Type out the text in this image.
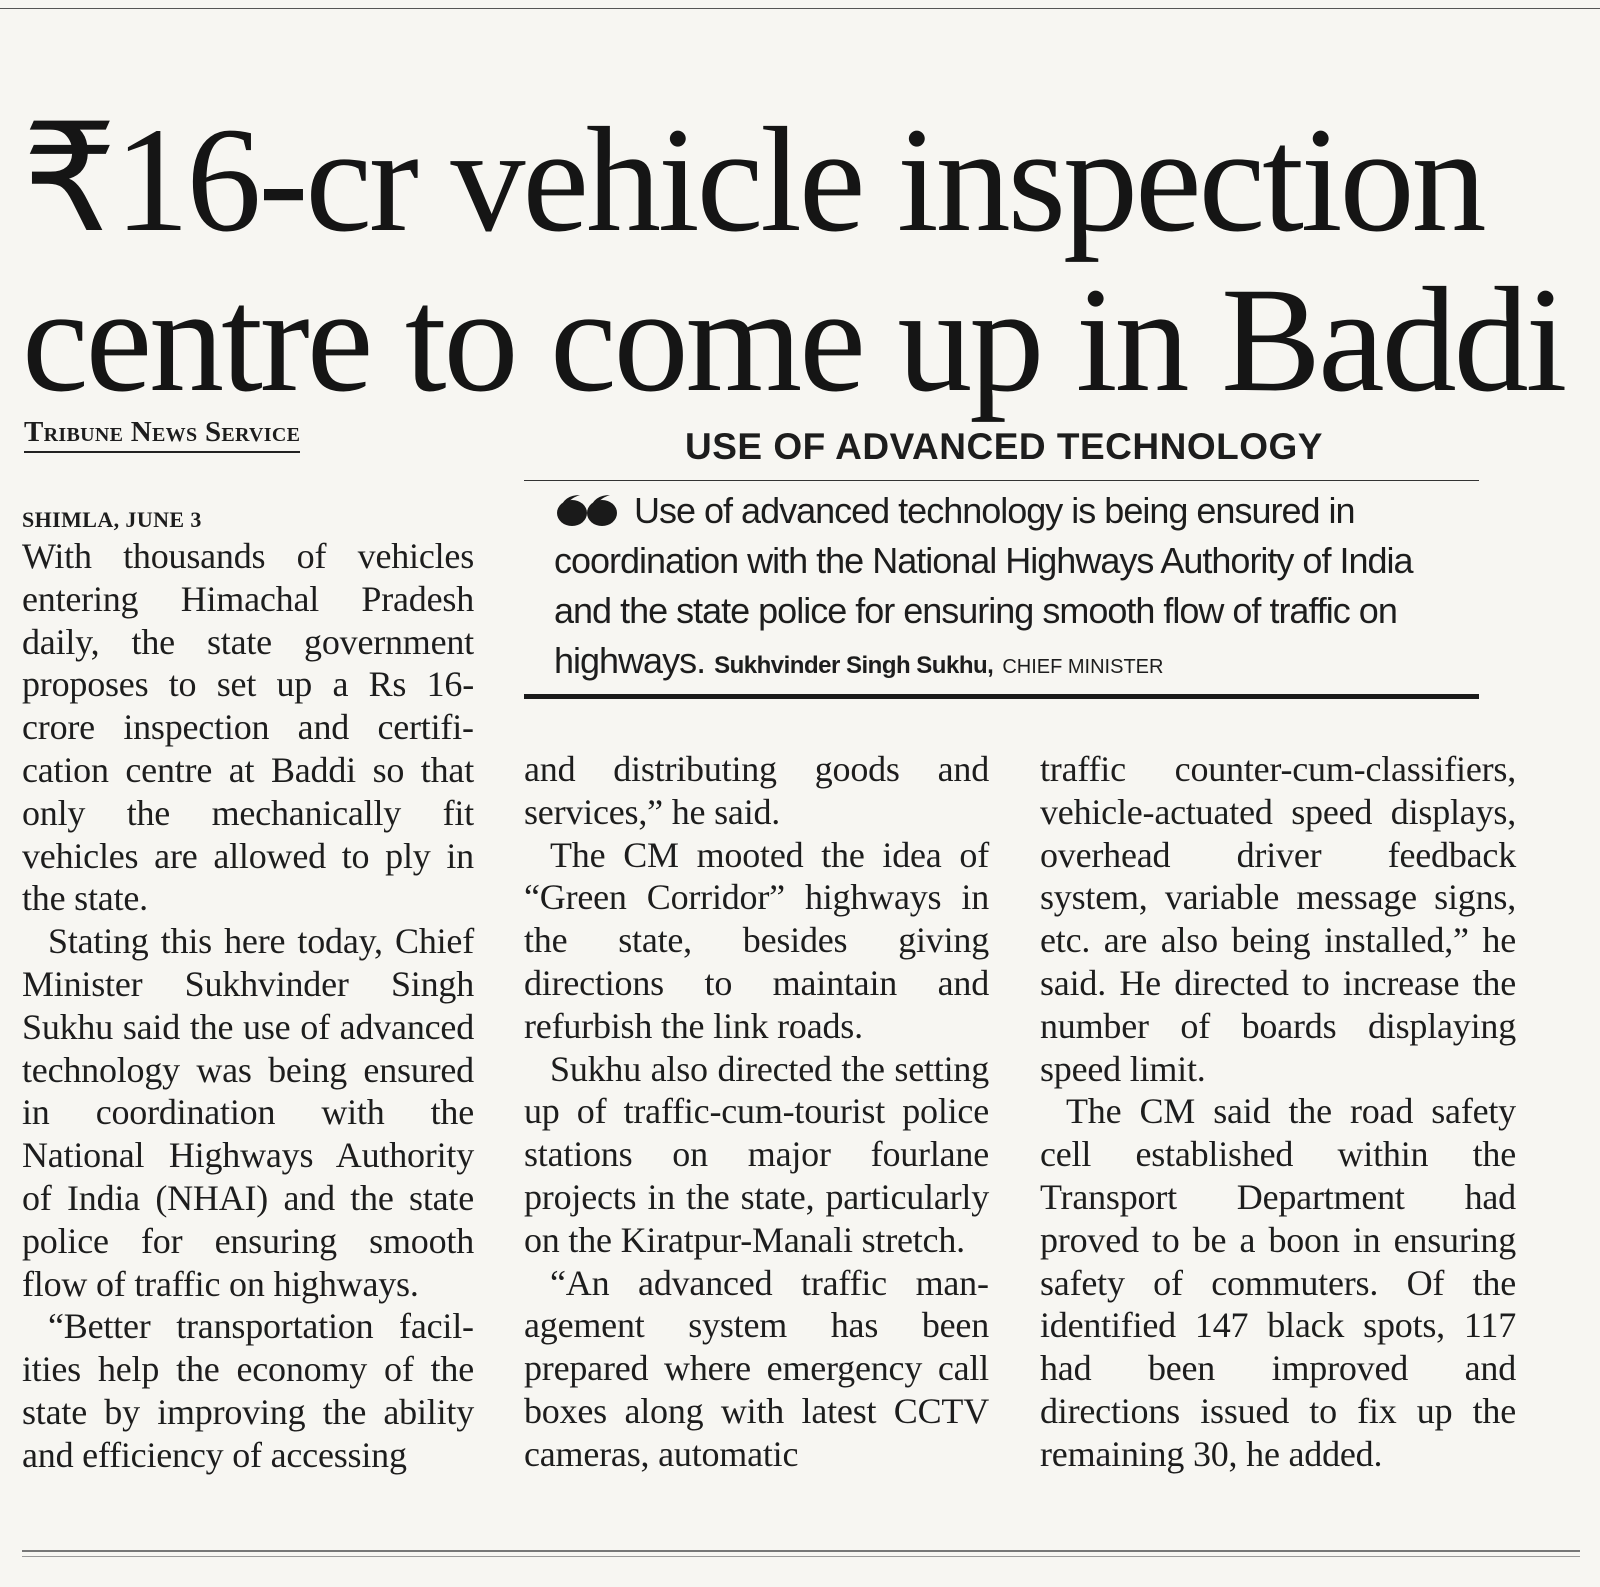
₹16-cr vehicle inspection
centre to come up in Baddi
Tribune News Service
SHIMLA, JUNE 3
USE OF ADVANCED TECHNOLOGY

Use of advanced technology is being ensured in coordination with the National Highways Authority of India and the state police for ensuring smooth flow of traffic on highways. Sukhvinder Singh Sukhu, CHIEF MINISTER

With thousands of vehicles entering Himachal Pradesh daily, the state government proposes to set up a Rs 16-crore inspection and certification centre at Baddi so that only the mechanically fit vehicles are allowed to ply in the state.

Stating this here today, Chief Minister Sukhvinder Singh Sukhu said the use of advanced technology was being ensured in coordination with the National Highways Authority of India (NHAI) and the state police for ensuring smooth flow of traffic on highways.

“Better transportation facilities help the economy of the state by improving the ability and efficiency of accessing

and distributing goods and services,” he said.

The CM mooted the idea of “Green Corridor” highways in the state, besides giving directions to maintain and refurbish the link roads.

Sukhu also directed the setting up of traffic-cum-tourist police stations on major fourlane projects in the state, particularly on the Kiratpur-Manali stretch.

“An advanced traffic management system has been prepared where emergency call boxes along with latest CCTV cameras, automatic

traffic counter-cum-classifiers, vehicle-actuated speed displays, overhead driver feedback system, variable message signs, etc. are also being installed,” he said. He directed to increase the number of boards displaying speed limit.

The CM said the road safety cell established within the Transport Department had proved to be a boon in ensuring safety of commuters. Of the identified 147 black spots, 117 had been improved and directions issued to fix up the remaining 30, he added.
